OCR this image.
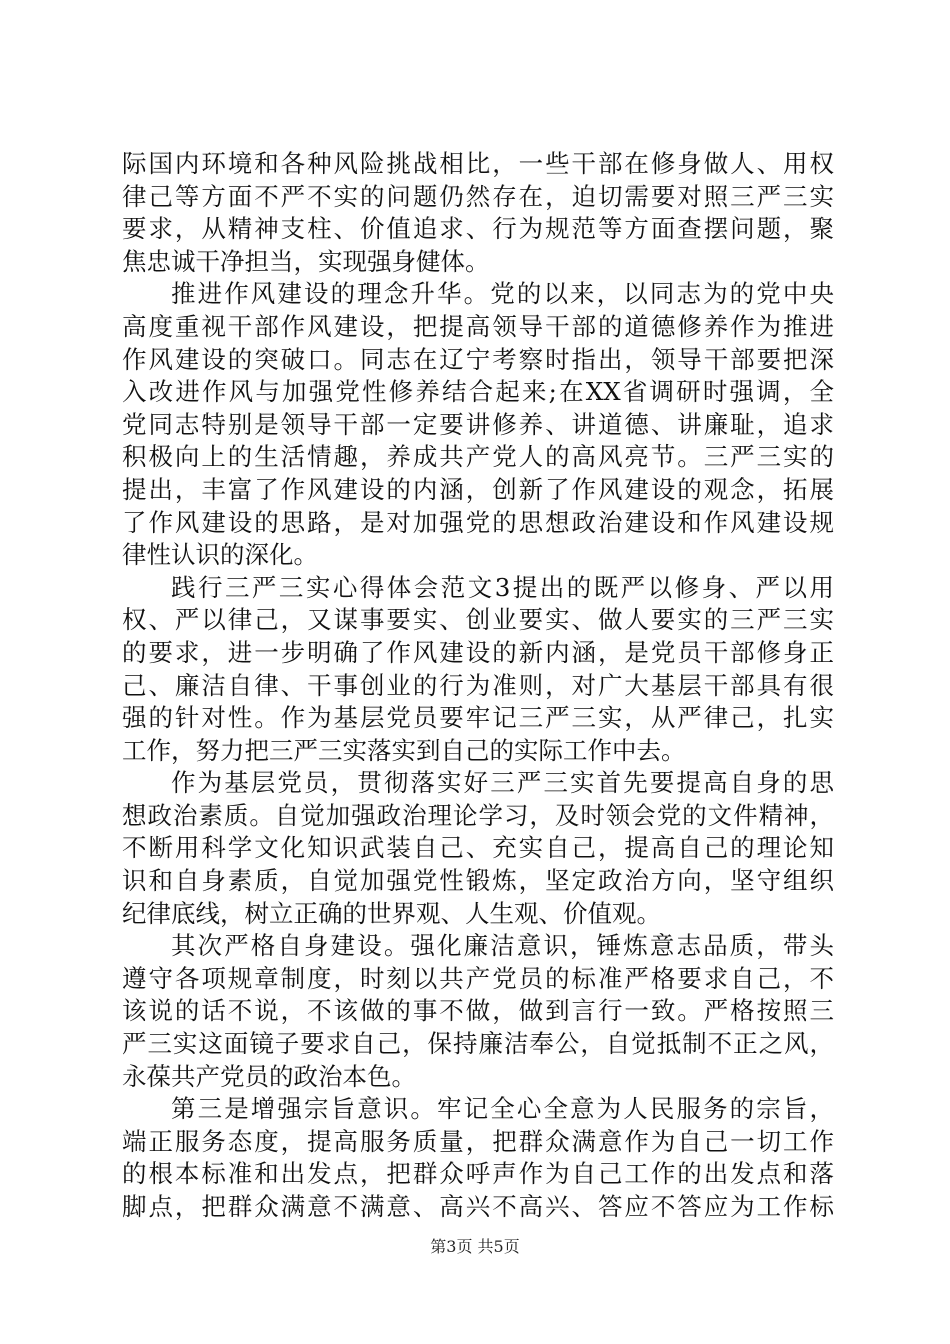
际国内环境和各种风险挑战相比，一些干部在修身做人、用权
律己等方面不严不实的问题仍然存在，迫切需要对照三严三实
要求，从精神支柱、价值追求、行为规范等方面查摆问题，聚
焦忠诚干净担当，实现强身健体。
推进作风建设的理念升华。党的以来，以同志为的党中央
高度重视干部作风建设，把提高领导干部的道德修养作为推进
作风建设的突破口。同志在辽宁考察时指出，领导干部要把深
入改进作风与加强党性修养结合起来;在XX省调研时强调，全
党同志特别是领导干部一定要讲修养、讲道德、讲廉耻，追求
积极向上的生活情趣，养成共产党人的高风亮节。三严三实的
提出，丰富了作风建设的内涵，创新了作风建设的观念，拓展
了作风建设的思路，是对加强党的思想政治建设和作风建设规
律性认识的深化。
践行三严三实心得体会范文3提出的既严以修身、严以用
权、严以律己，又谋事要实、创业要实、做人要实的三严三实
的要求，进一步明确了作风建设的新内涵，是党员干部修身正
己、廉洁自律、干事创业的行为准则，对广大基层干部具有很
强的针对性。作为基层党员要牢记三严三实，从严律己，扎实
工作，努力把三严三实落实到自己的实际工作中去。
作为基层党员，贯彻落实好三严三实首先要提高自身的思
想政治素质。自觉加强政治理论学习，及时领会党的文件精神，
不断用科学文化知识武装自己、充实自己，提高自己的理论知
识和自身素质，自觉加强党性锻炼，坚定政治方向，坚守组织
纪律底线，树立正确的世界观、人生观、价值观。
其次严格自身建设。强化廉洁意识，锤炼意志品质，带头
遵守各项规章制度，时刻以共产党员的标准严格要求自己，不
该说的话不说，不该做的事不做，做到言行一致。严格按照三
严三实这面镜子要求自己，保持廉洁奉公，自觉抵制不正之风，
永葆共产党员的政治本色。
第三是增强宗旨意识。牢记全心全意为人民服务的宗旨，
端正服务态度，提高服务质量，把群众满意作为自己一切工作
的根本标准和出发点，把群众呼声作为自己工作的出发点和落
脚点，把群众满意不满意、高兴不高兴、答应不答应为工作标
第3页 共5页
